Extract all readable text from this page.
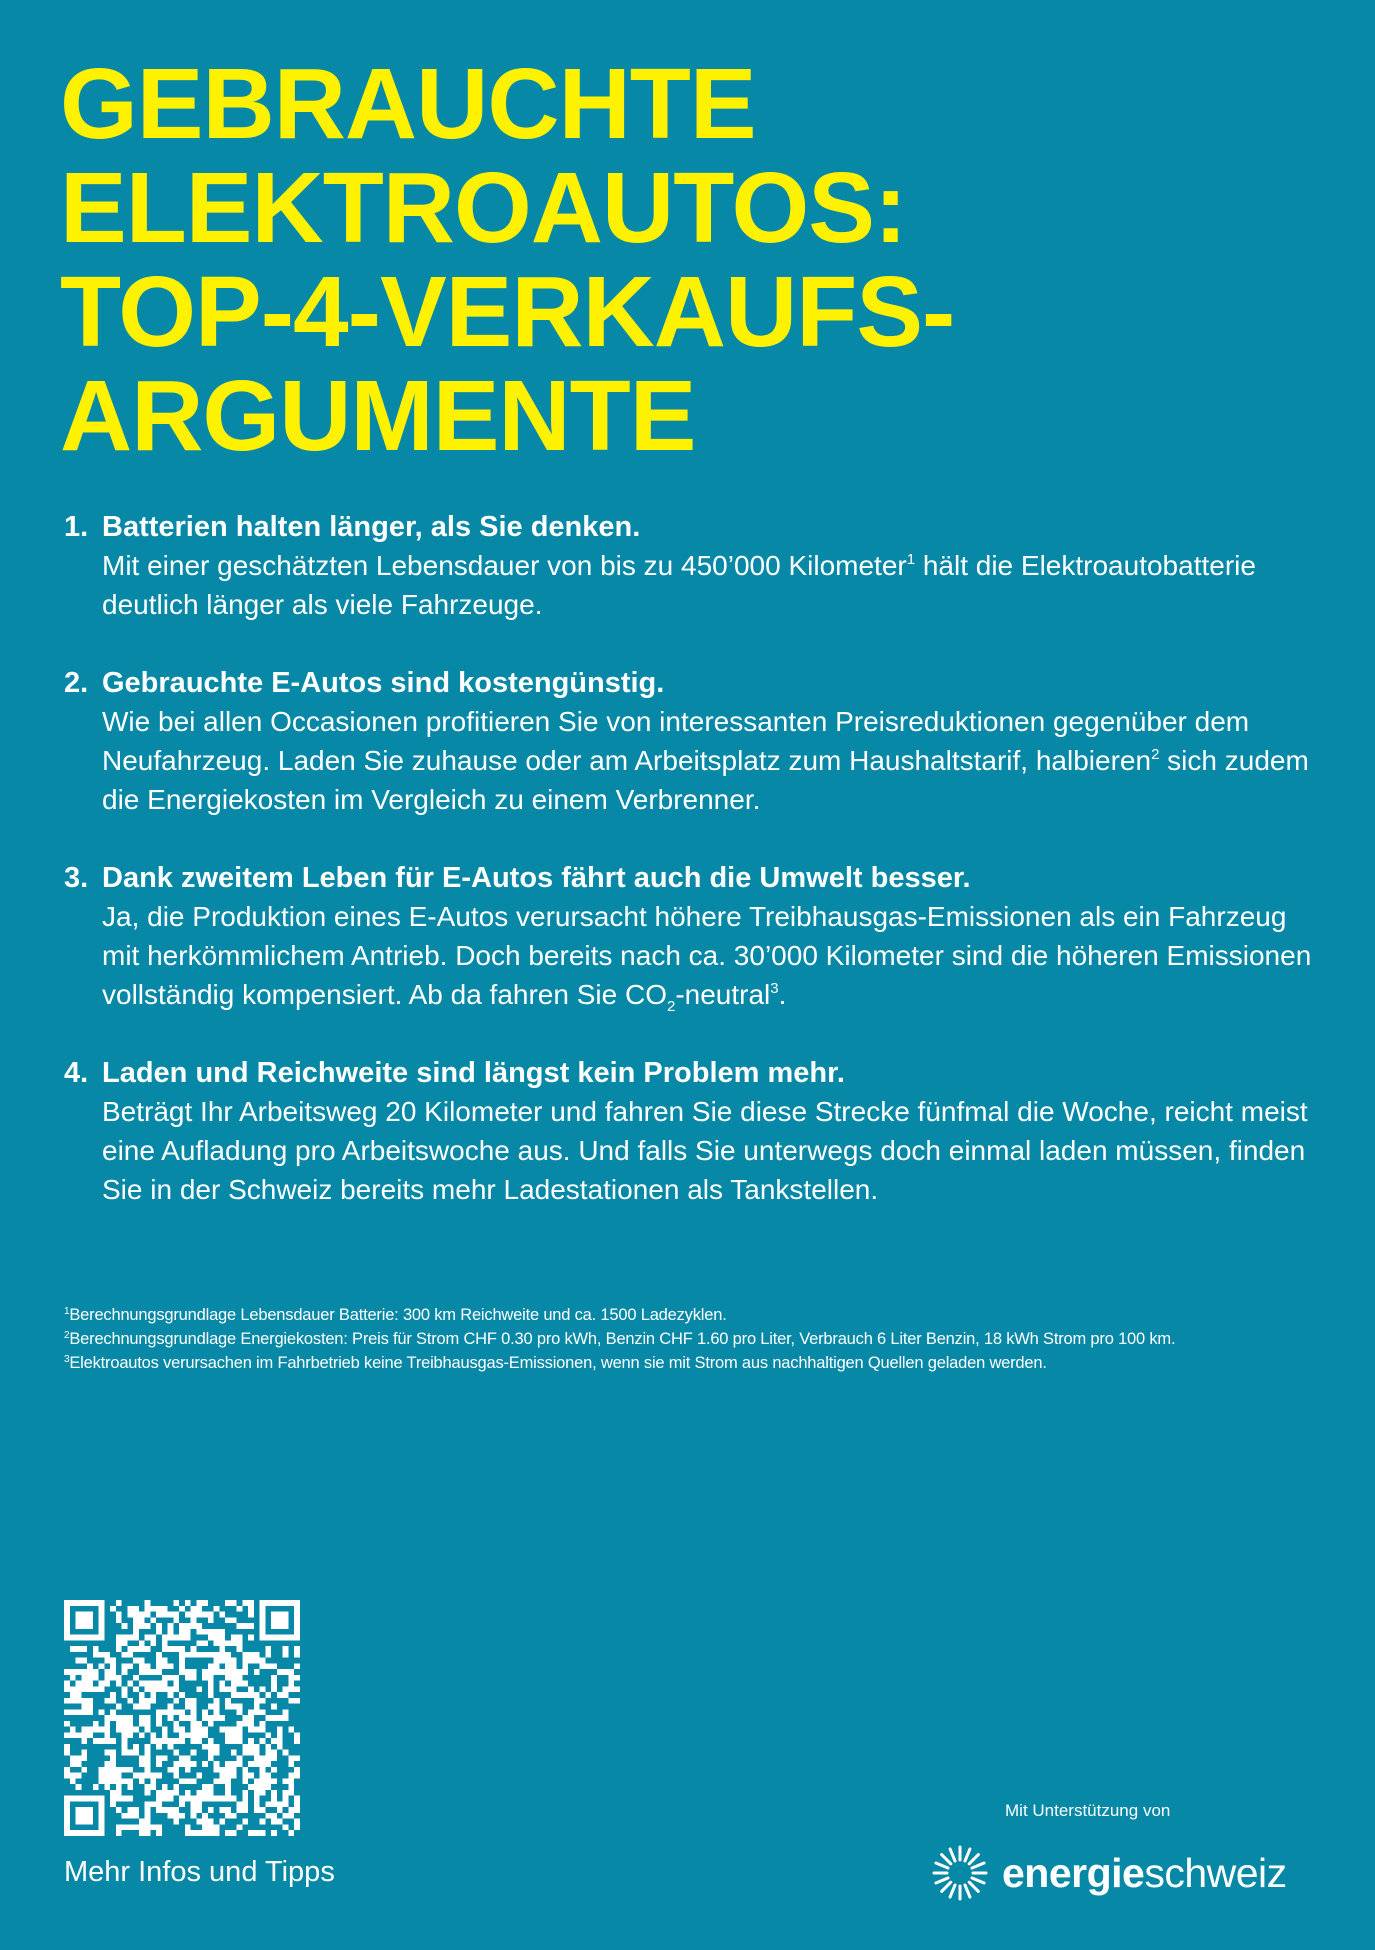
GEBRAUCHTE
ELEKTROAUTOS:
TOP-4-VERKAUFS-
ARGUMENTE
1. Batterien halten länger, als Sie denken.

Mit einer geschätzten Lebensdauer von bis zu 450’000 Kilometer$^1$ hält die Elektroautobatterie deutlich länger als viele Fahrzeuge.

2. Gebrauchte E-Autos sind kostengünstig.

Wie bei allen Occasionen profitieren Sie von interessanten Preisreduktionen gegenüber dem Neufahrzeug. Laden Sie zuhause oder am Arbeitsplatz zum Haushaltstarif, halbieren$^2$ sich zudem die Energiekosten im Vergleich zu einem Verbrenner.

3. Dank zweitem Leben für E-Autos fährt auch die Umwelt besser.

Ja, die Produktion eines E-Autos verursacht höhere Treibhausgas-Emissionen als ein Fahrzeug mit herkömmlichem Antrieb. Doch bereits nach ca. 30’000 Kilometer sind die höheren Emissionen vollständig kompensiert. Ab da fahren Sie $CO_2-neutral^3$.

4. Laden und Reichweite sind längst kein Problem mehr.

Beträgt Ihr Arbeitsweg 20 Kilometer und fahren Sie diese Strecke fünfmal die Woche, reicht meist eine Aufladung pro Arbeitswoche aus. Und falls Sie unterwegs doch einmal laden müssen, finden Sie in der Schweiz bereits mehr Ladestationen als Tankstellen.

$^1$Berechnungsgrundlage Lebensdauer Batterie: 300 km Reichweite und ca. 1500 Ladezyklen.
$^2$Berechnungsgrundlage Energiekosten: Preis für Strom CHF 0.30 pro kWh, Benzin CHF 1.60 pro Liter, Verbrauch 6 Liter Benzin, 18 kWh Strom pro 100 km.
$^3$Elektroautos verursachen im Fahrbetrieb keine Treibhausgas-Emissionen, wenn sie mit Strom aus nachhaltigen Quellen geladen werden.
Mehr Infos und Tipps
Mit Unterstützung von
energieschweiz
